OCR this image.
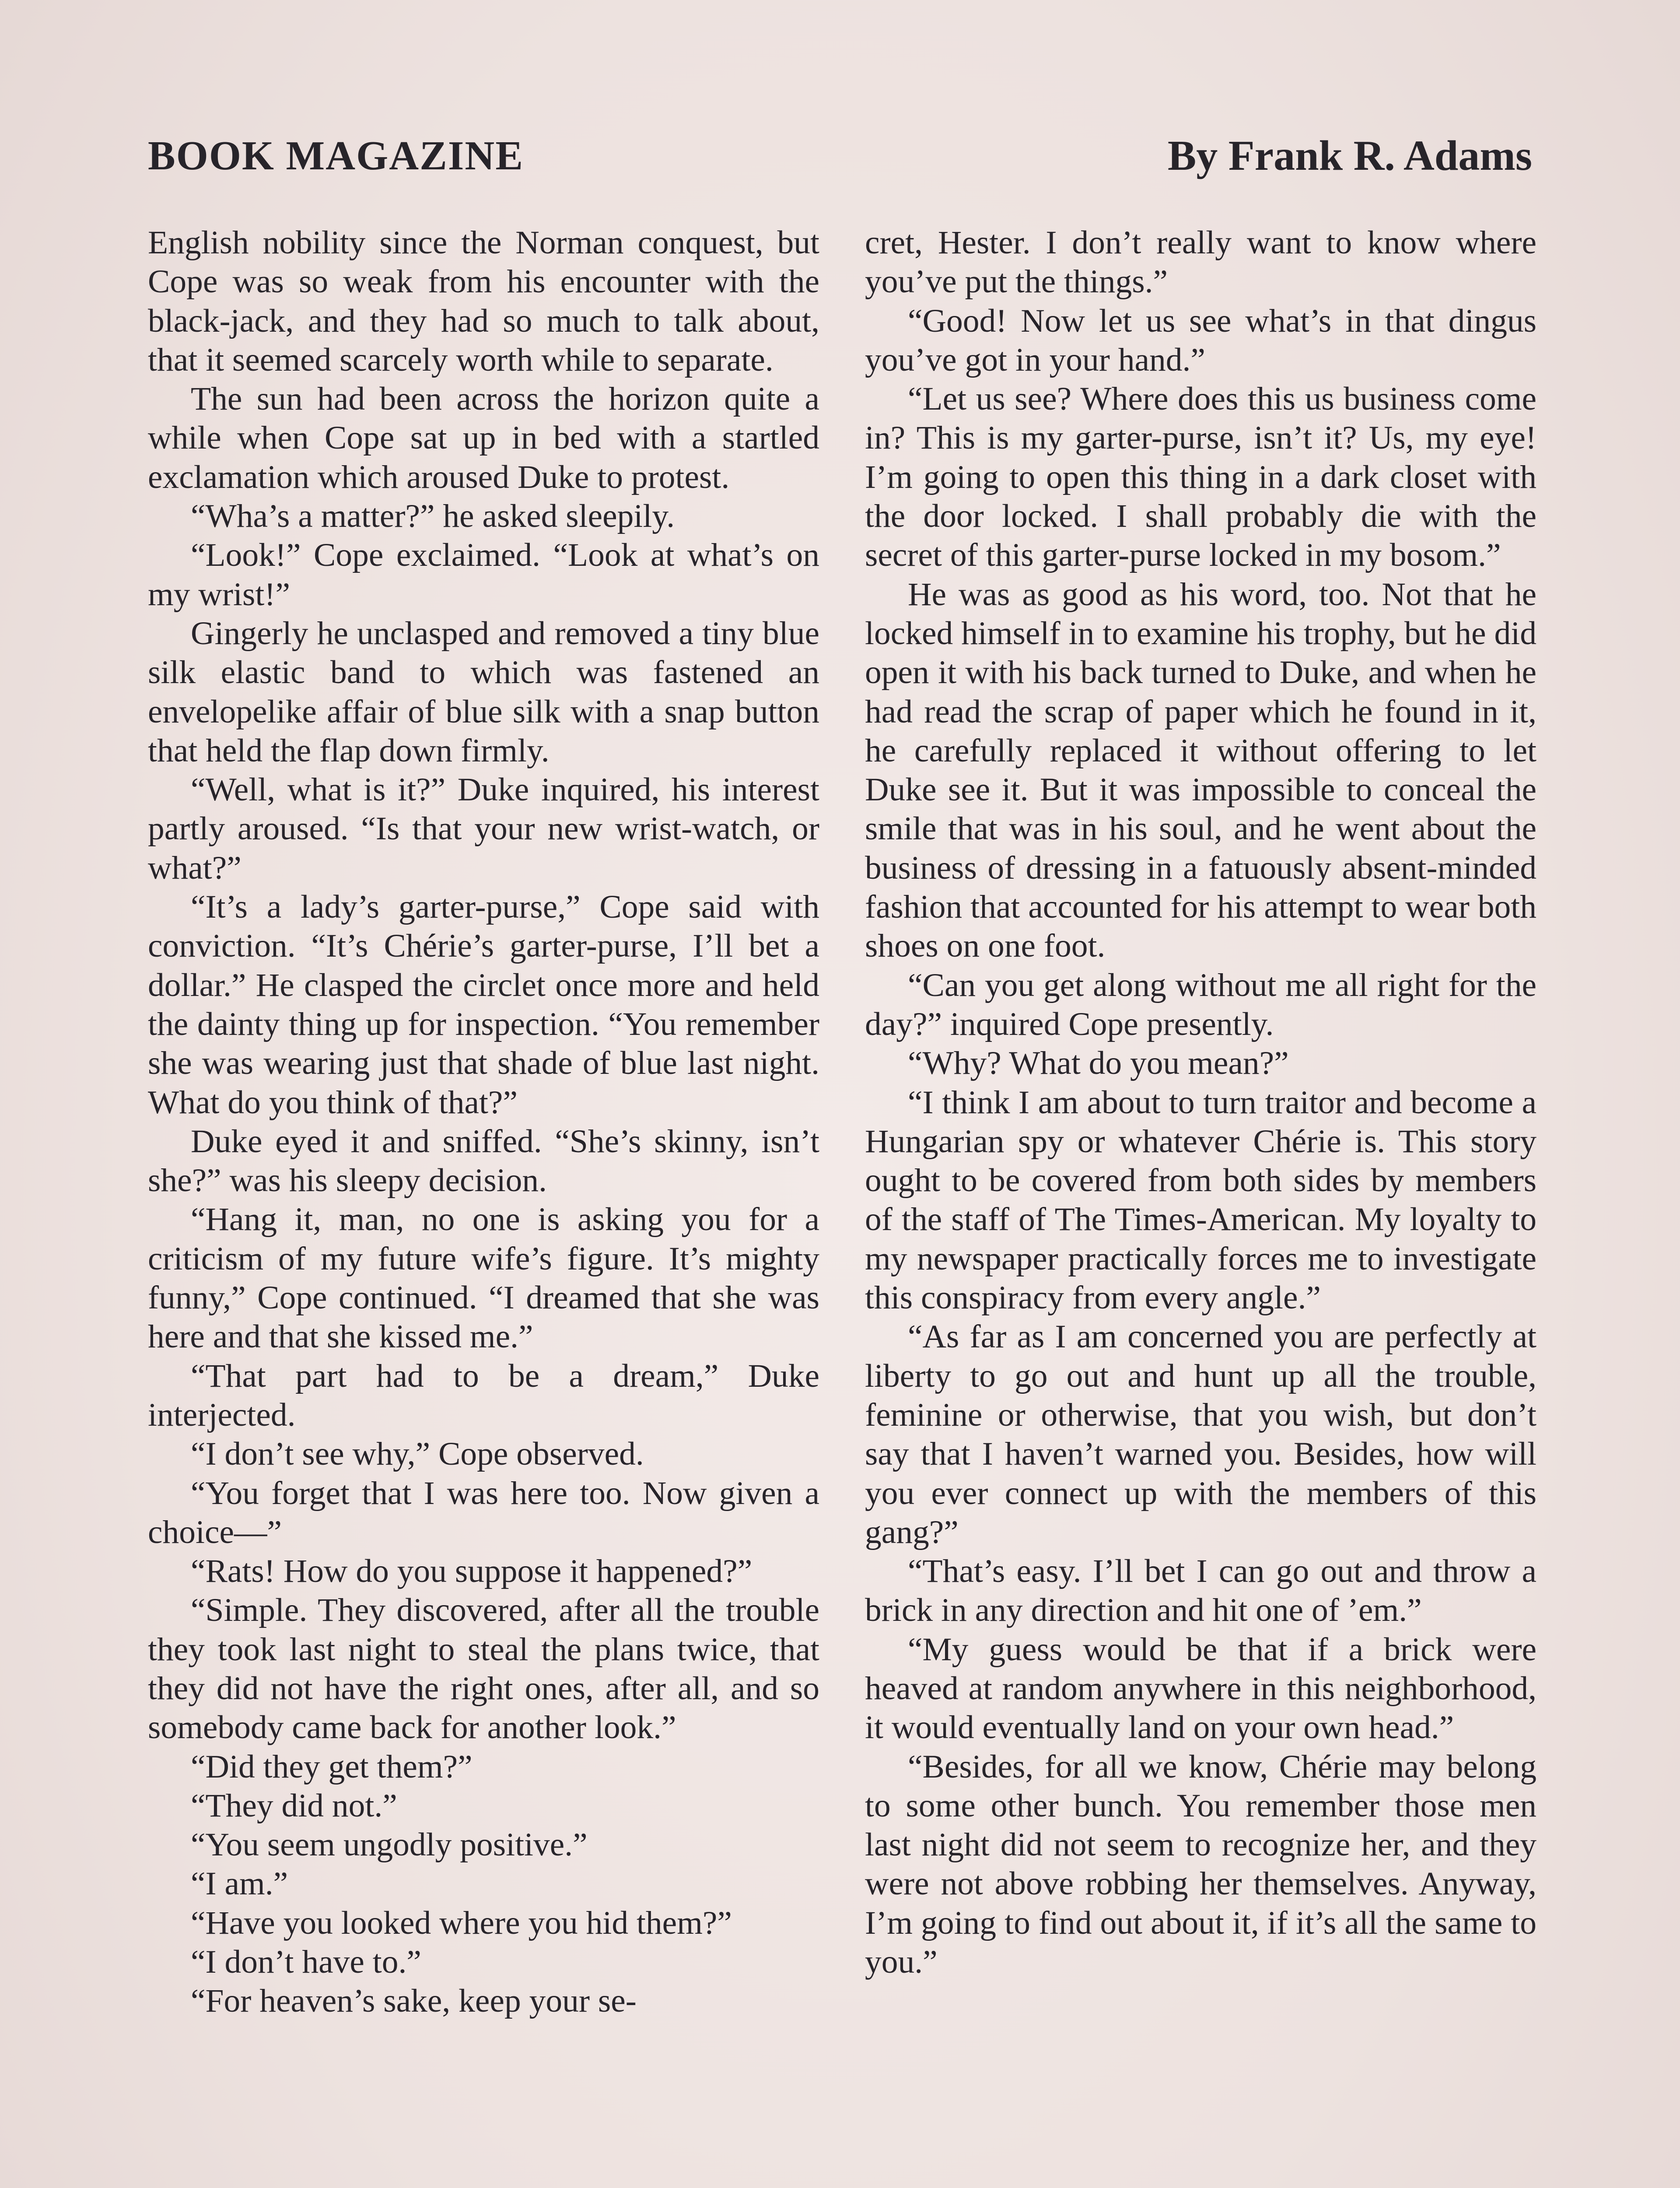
BOOK MAGAZINE	By Frank R. Adams

English nobility since the Norman conquest, but Cope was so weak from his encounter with the black-jack, and they had so much to talk about, that it seemed scarcely worth while to separate.

The sun had been across the horizon quite a while when Cope sat up in bed with a startled exclamation which aroused Duke to protest.

“Wha’s a matter?” he asked sleepily.

“Look!” Cope exclaimed. “Look at what’s on my wrist!”

Gingerly he unclasped and removed a tiny blue silk elastic band to which was fastened an envelopelike affair of blue silk with a snap button that held the flap down firmly.

“Well, what is it?” Duke inquired, his interest partly aroused. “Is that your new wrist-watch, or what?”

“It’s a lady’s garter-purse,” Cope said with conviction. “It’s Chérie’s garter-purse, I’ll bet a dollar.” He clasped the circlet once more and held the dainty thing up for inspection. “You remember she was wearing just that shade of blue last night. What do you think of that?”

Duke eyed it and sniffed. “She’s skinny, isn’t she?” was his sleepy decision.

“Hang it, man, no one is asking you for a criticism of my future wife’s figure. It’s mighty funny,” Cope continued. “I dreamed that she was here and that she kissed me.”

“That part had to be a dream,” Duke interjected.

“I don’t see why,” Cope observed.

“You forget that I was here too. Now given a choice—”

“Rats! How do you suppose it happened?”

“Simple. They discovered, after all the trouble they took last night to steal the plans twice, that they did not have the right ones, after all, and so somebody came back for another look.”

“Did they get them?”

“They did not.”

“You seem ungodly positive.”

“I am.”

“Have you looked where you hid them?”

“I don’t have to.”

“For heaven’s sake, keep your se-

cret, Hester. I don’t really want to know where you’ve put the things.”

“Good! Now let us see what’s in that dingus you’ve got in your hand.”

“Let us see? Where does this us business come in? This is my garter-purse, isn’t it? Us, my eye! I’m going to open this thing in a dark closet with the door locked. I shall probably die with the secret of this garter-purse locked in my bosom.”

He was as good as his word, too. Not that he locked himself in to examine his trophy, but he did open it with his back turned to Duke, and when he had read the scrap of paper which he found in it, he carefully replaced it without offering to let Duke see it. But it was impossible to conceal the smile that was in his soul, and he went about the business of dressing in a fatuously absent-minded fashion that accounted for his attempt to wear both shoes on one foot.

“Can you get along without me all right for the day?” inquired Cope presently.

“Why? What do you mean?”

“I think I am about to turn traitor and become a Hungarian spy or whatever Chérie is. This story ought to be covered from both sides by members of the staff of The Times-American. My loyalty to my newspaper practically forces me to investigate this conspiracy from every angle.”

“As far as I am concerned you are perfectly at liberty to go out and hunt up all the trouble, feminine or otherwise, that you wish, but don’t say that I haven’t warned you. Besides, how will you ever connect up with the members of this gang?”

“That’s easy. I’ll bet I can go out and throw a brick in any direction and hit one of ’em.”

“My guess would be that if a brick were heaved at random anywhere in this neighborhood, it would eventually land on your own head.”

“Besides, for all we know, Chérie may belong to some other bunch. You remember those men last night did not seem to recognize her, and they were not above robbing her themselves. Anyway, I’m going to find out about it, if it’s all the same to you.”
